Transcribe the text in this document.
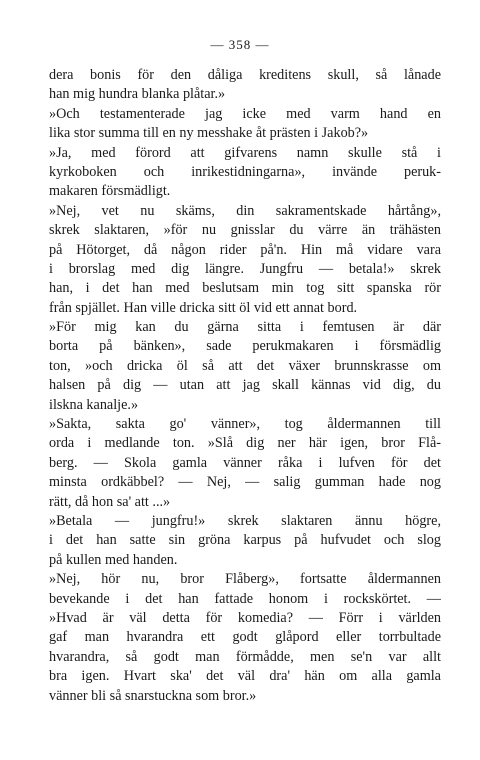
— 358 —
dera bonis för den dåliga kreditens skull, så lånade
han mig hundra blanka plåtar.»
»Och testamenterade jag icke med varm hand en
lika stor summa till en ny messhake åt prästen i Jakob?»
»Ja, med förord att gifvarens namn skulle stå i
kyrkoboken och inrikestidningarna», invände peruk-
makaren försmädligt.
»Nej, vet nu skäms, din sakramentskade hårtång»,
skrek slaktaren, »för nu gnisslar du värre än trähästen
på Hötorget, då någon rider på'n. Hin må vidare vara
i brorslag med dig längre. Jungfru — betala!» skrek
han, i det han med beslutsam min tog sitt spanska rör
från spjället. Han ville dricka sitt öl vid ett annat bord.
»För mig kan du gärna sitta i femtusen är där
borta på bänken», sade perukmakaren i försmädlig
ton, »och dricka öl så att det växer brunnskrasse om
halsen på dig — utan att jag skall kännas vid dig, du
ilskna kanalje.»
»Sakta, sakta go' vänner», tog åldermannen till
orda i medlande ton. »Slå dig ner här igen, bror Flå-
berg. — Skola gamla vänner råka i lufven för det
minsta ordkäbbel? — Nej, — salig gumman hade nog
rätt, då hon sa' att ...»
»Betala — jungfru!» skrek slaktaren ännu högre,
i det han satte sin gröna karpus på hufvudet och slog
på kullen med handen.
»Nej, hör nu, bror Flåberg», fortsatte åldermannen
bevekande i det han fattade honom i rockskörtet. —
»Hvad är väl detta för komedia? — Förr i världen
gaf man hvarandra ett godt glåpord eller torrbultade
hvarandra, så godt man förmådde, men se'n var allt
bra igen. Hvart ska' det väl dra' hän om alla gamla
vänner bli så snarstuckna som bror.»
